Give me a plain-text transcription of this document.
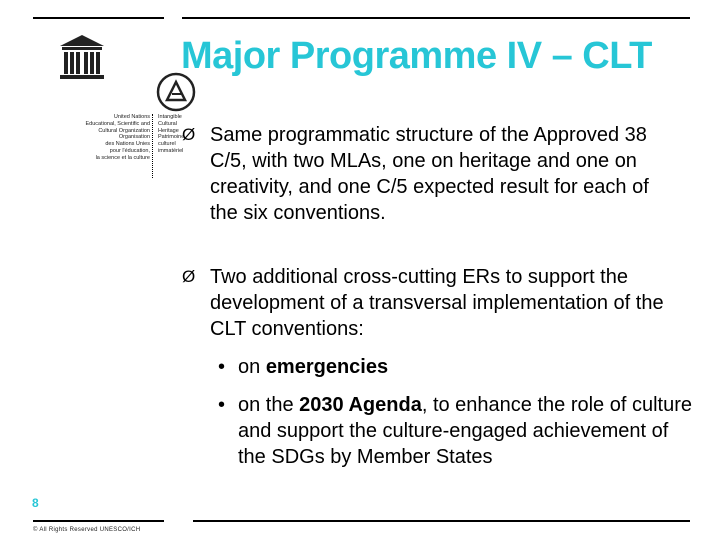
United Nations
Educational, Scientific and
Cultural Organization
Organisation
des Nations Unies
pour l'éducation,
la science et la culture
Intangible
Cultural
Heritage
Patrimoine
culturel
immatériel
Major Programme IV – CLT
Ø Same programmatic structure of the Approved 38 C/5, with two MLAs, one on heritage and one on creativity, and one C/5 expected result for each of the six conventions.
Ø Two additional cross-cutting ERs to support the development of a transversal implementation of the CLT conventions:
• on emergencies
• on the 2030 Agenda, to enhance the role of culture and support the culture-engaged achievement of the SDGs by Member States
8
© All Rights Reserved UNESCO/ICH
